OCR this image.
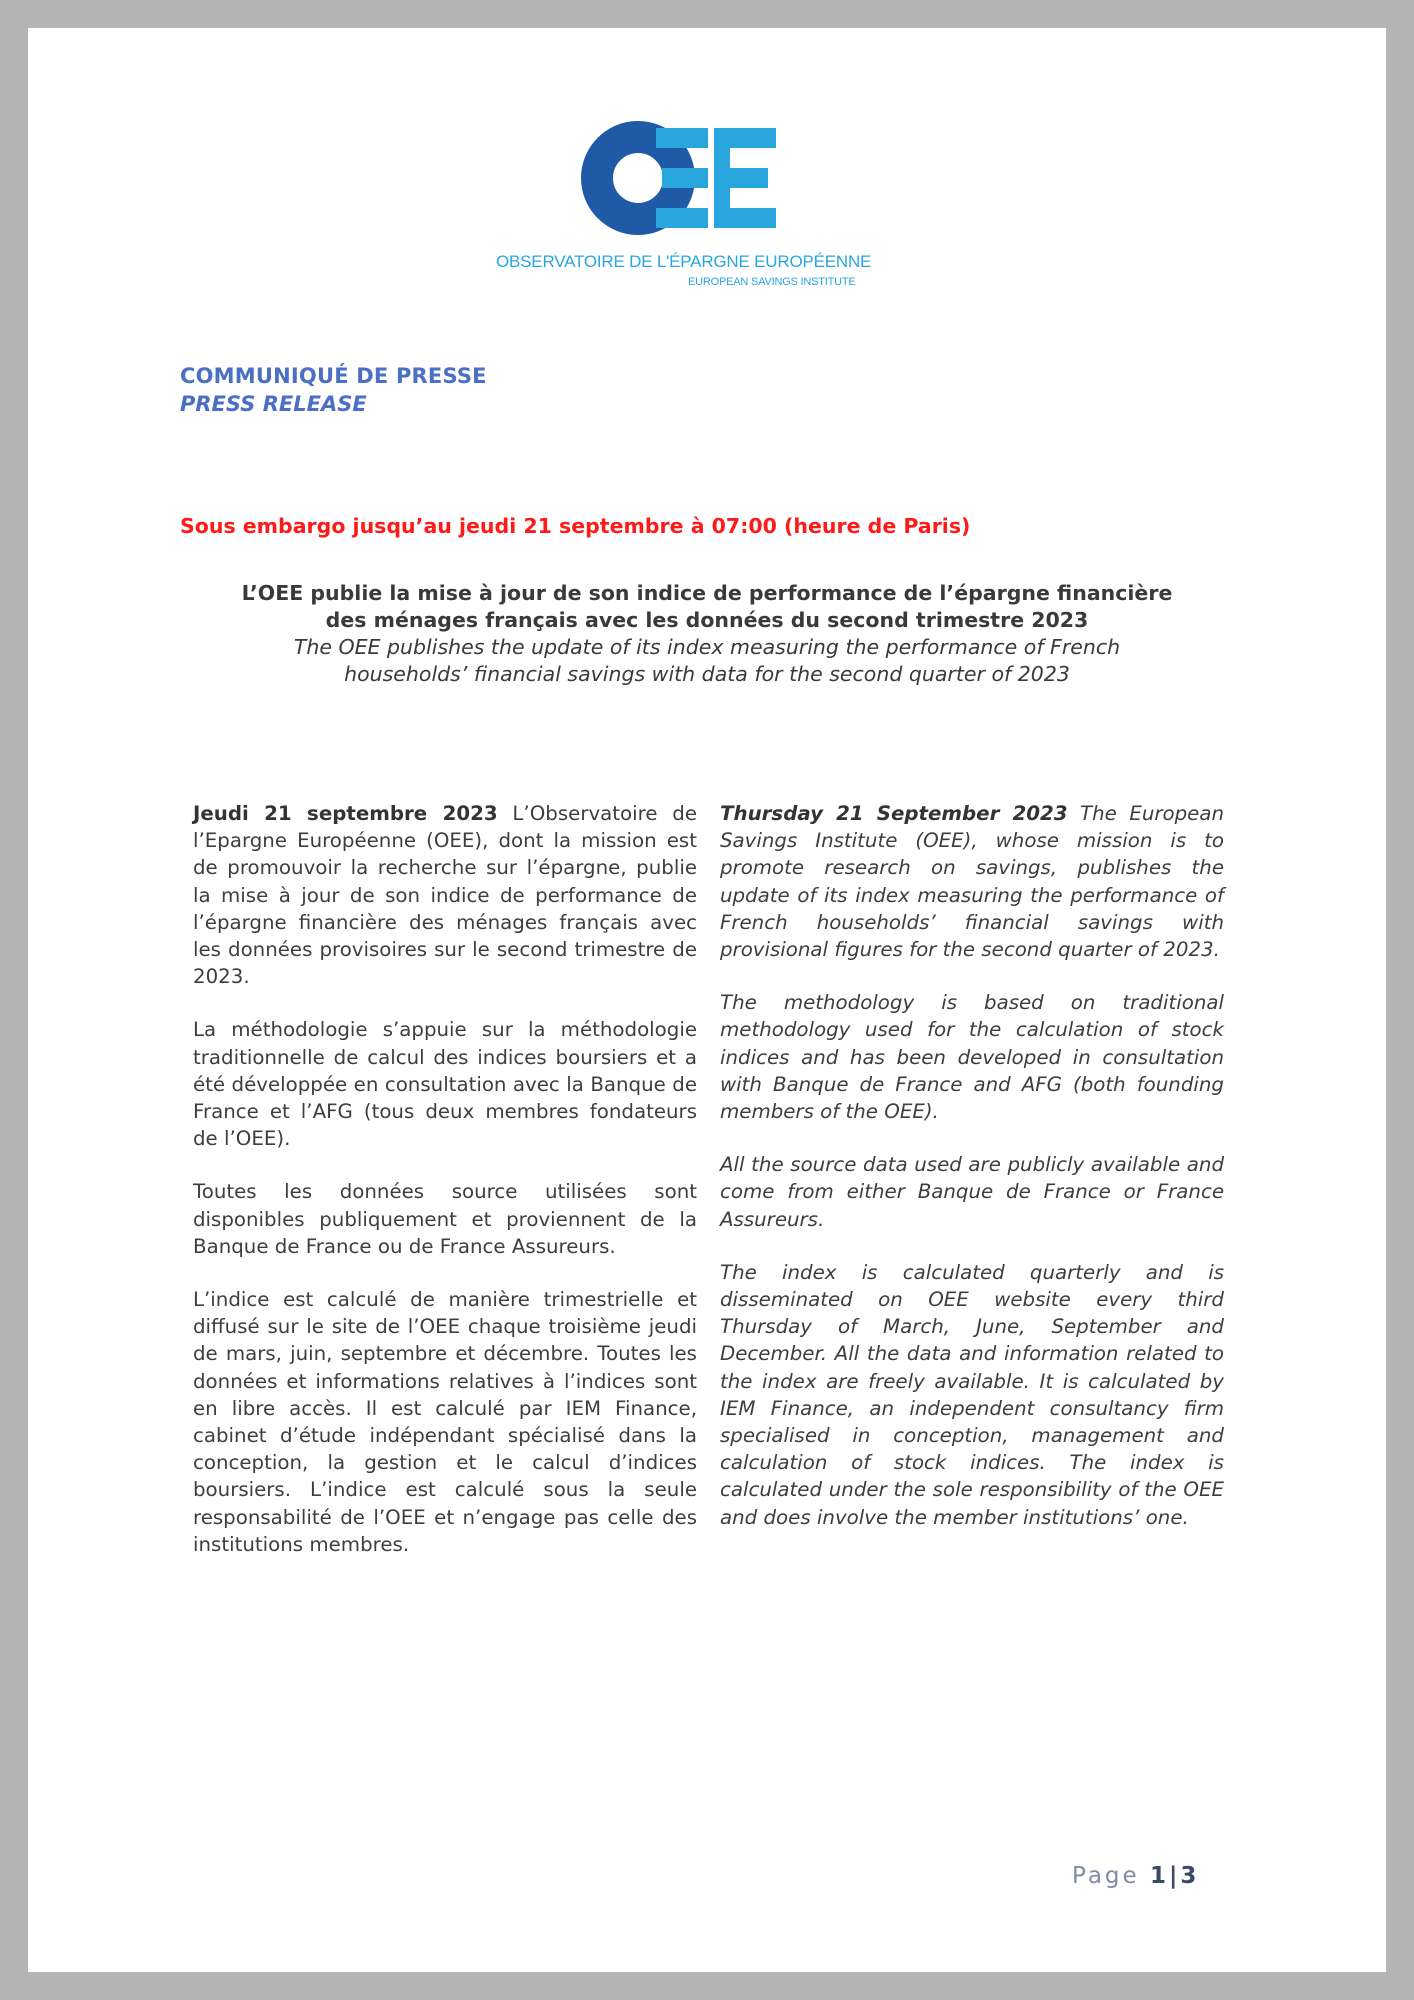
OBSERVATOIRE DE L'ÉPARGNE EUROPÉENNE
EUROPEAN SAVINGS INSTITUTE
COMMUNIQUÉ DE PRESSE
PRESS RELEASE
Sous embargo jusqu’au jeudi 21 septembre à 07:00 (heure de Paris)
L’OEE publie la mise à jour de son indice de performance de l’épargne financière
des ménages français avec les données du second trimestre 2023
The OEE publishes the update of its index measuring the performance of French
households’ financial savings with data for the second quarter of 2023

Jeudi 21 septembre 2023 L’Observatoire de l’Epargne Européenne (OEE), dont la mission est de promouvoir la recherche sur l’épargne, publie la mise à jour de son indice de performance de l’épargne financière des ménages français avec les données provisoires sur le second trimestre de 2023.

La méthodologie s’appuie sur la méthodologie traditionnelle de calcul des indices boursiers et a été développée en consultation avec la Banque de France et l’AFG (tous deux membres fondateurs de l’OEE).

Toutes les données source utilisées sont disponibles publiquement et proviennent de la Banque de France ou de France Assureurs.

L’indice est calculé de manière trimestrielle et diffusé sur le site de l’OEE chaque troisième jeudi de mars, juin, septembre et décembre. Toutes les données et informations relatives à l’indices sont en libre accès. Il est calculé par IEM Finance, cabinet d’étude indépendant spécialisé dans la conception, la gestion et le calcul d’indices boursiers. L’indice est calculé sous la seule responsabilité de l’OEE et n’engage pas celle des institutions membres.

Thursday 21 September 2023 The European Savings Institute (OEE), whose mission is to promote research on savings, publishes the update of its index measuring the performance of French households’ financial savings with provisional figures for the second quarter of 2023.

The methodology is based on traditional methodology used for the calculation of stock indices and has been developed in consultation with Banque de France and AFG (both founding members of the OEE).

All the source data used are publicly available and come from either Banque de France or France Assureurs.

The index is calculated quarterly and is disseminated on OEE website every third Thursday of March, June, September and December. All the data and information related to the index are freely available. It is calculated by IEM Finance, an independent consultancy firm specialised in conception, management and calculation of stock indices. The index is calculated under the sole responsibility of the OEE and does involve the member institutions’ one.

Page 1|3
